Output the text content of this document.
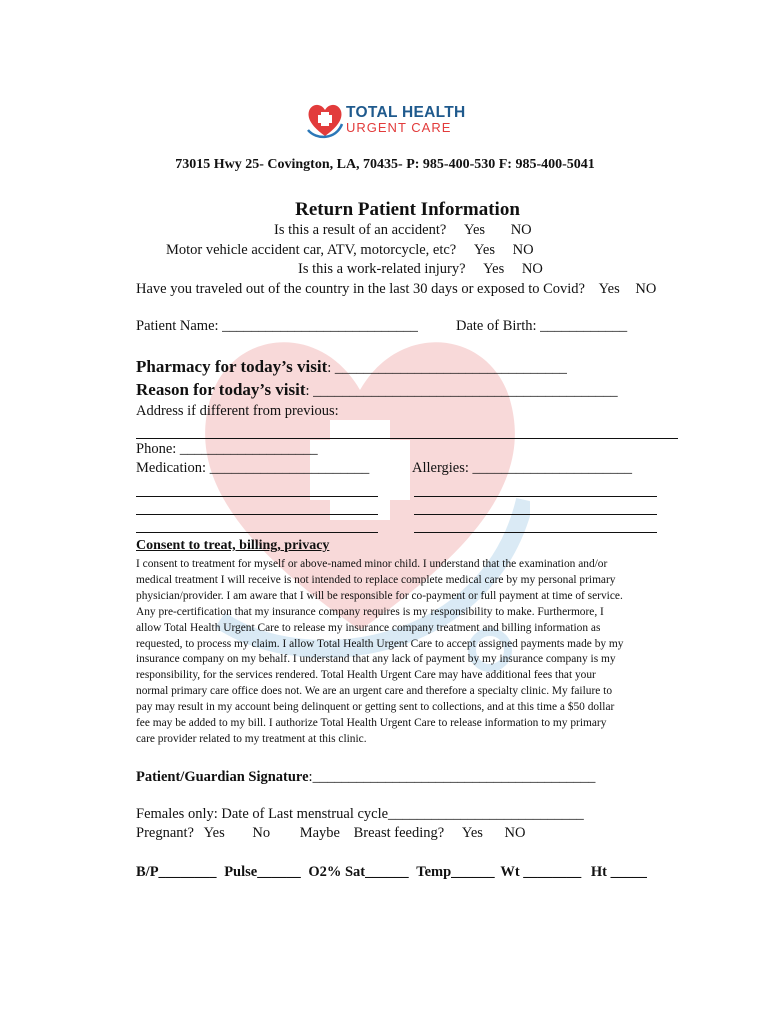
TOTAL HEALTH
URGENT CARE
73015 Hwy 25- Covington, LA, 70435- P: 985-400-530 F: 985-400-5041
Return Patient Information
Is this a result of an accident? Yes NO
Motor vehicle accident car, ATV, motorcycle, etc? Yes NO
Is this a work-related injury? Yes NO
Have you traveled out of the country in the last 30 days or exposed to Covid? Yes NO
Patient Name: ___________________________	Date of Birth: ____________
Pharmacy for today’s visit: ________________________________
Reason for today’s visit: __________________________________________
Address if different from previous:
Phone: ___________________
Medication: ______________________	Allergies: ______________________
Consent to treat, billing, privacy
I consent to treatment for myself or above-named minor child. I understand that the examination and/or
medical treatment I will receive is not intended to replace complete medical care by my personal primary
physician/provider. I am aware that I will be responsible for co-payment or full payment at time of service.
Any pre-certification that my insurance company requires is my responsibility to make. Furthermore, I
allow Total Health Urgent Care to release my insurance company treatment and billing information as
requested, to process my claim. I allow Total Health Urgent Care to accept assigned payments made by my
insurance company on my behalf. I understand that any lack of payment by my insurance company is my
responsibility, for the services rendered. Total Health Urgent Care may have additional fees that your
normal primary care office does not. We are an urgent care and therefore a specialty clinic. My failure to
pay may result in my account being delinquent or getting sent to collections, and at this time a $50 dollar
fee may be added to my bill. I authorize Total Health Urgent Care to release information to my primary
care provider related to my treatment at this clinic.
Patient/Guardian Signature:_______________________________________
Females only: Date of Last menstrual cycle___________________________
Pregnant? Yes No Maybe Breast feeding? Yes NO
B/P________ Pulse______ O2% Sat______ Temp______ Wt ________ Ht _____
